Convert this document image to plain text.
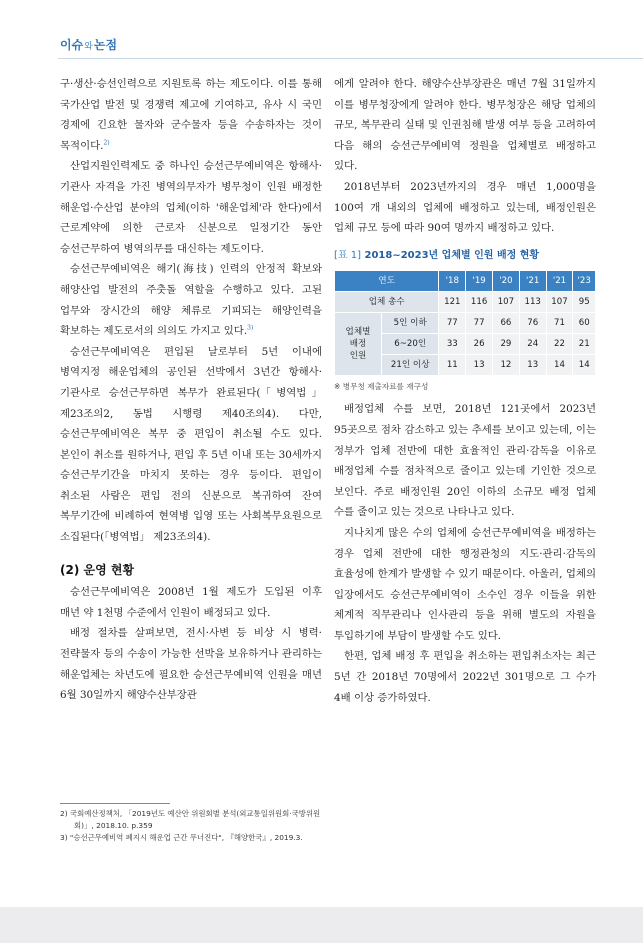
이슈와논점

구·생산·승선인력으로 지원토록 하는 제도이다. 이를 통해 국가산업 발전 및 경쟁력 제고에 기여하고, 유사 시 국민 경제에 긴요한 물자와 군수물자 등을 수송하자는 것이 목적이다.$^{2)}$

산업지원인력제도 중 하나인 승선근무예비역은 항해사·기관사 자격을 가진 병역의무자가 병무청이 인원 배정한 해운업·수산업 분야의 업체(이하 '해운업체'라 한다)에서 근로계약에 의한 근로자 신분으로 일정기간 동안 승선근무하여 병역의무를 대신하는 제도이다.

승선근무예비역은 해기(海技) 인력의 안정적 확보와 해양산업 발전의 주춧돌 역할을 수행하고 있다. 고된 업무와 장시간의 해양 체류로 기피되는 해양인력을 확보하는 제도로서의 의의도 가지고 있다.$^{3)}$

승선근무예비역은 편입된 날로부터 5년 이내에 병역지정 해운업체의 공인된 선박에서 3년간 항해사·기관사로 승선근무하면 복무가 완료된다(「병역법」 제23조의2, 동법 시행령 제40조의4). 다만, 승선근무예비역은 복무 중 편입이 취소될 수도 있다. 본인이 취소를 원하거나, 편입 후 5년 이내 또는 30세까지 승선근무기간을 마치지 못하는 경우 등이다. 편입이 취소된 사람은 편입 전의 신분으로 복귀하여 잔여 복무기간에 비례하여 현역병 입영 또는 사회복무요원으로 소집된다(「병역법」 제23조의4).

(2) 운영 현황

승선근무예비역은 2008년 1월 제도가 도입된 이후 매년 약 1천명 수준에서 인원이 배정되고 있다.

배정 절차를 살펴보면, 전시·사변 등 비상 시 병력·전략물자 등의 수송이 가능한 선박을 보유하거나 관리하는 해운업체는 차년도에 필요한 승선근무예비역 인원을 매년 6월 30일까지 해양수산부장관

에게 알려야 한다. 해양수산부장관은 매년 7월 31일까지 이를 병무청장에게 알려야 한다. 병무청장은 해당 업체의 규모, 복무관리 실태 및 인권침해 발생 여부 등을 고려하여 다음 해의 승선근무예비역 정원을 업체별로 배정하고 있다.

2018년부터 2023년까지의 경우 매년 1,000명을 100여 개 내외의 업체에 배정하고 있는데, 배정인원은 업체 규모 등에 따라 90여 명까지 배정하고 있다.

[표 1] 2018~2023년 업체별 인원 배정 현황
연도		'18	'19	'20	'21	'21	'23
업체 총수		121	116	107	113	107	95
업체별
배정
인원	5인 이하	77	77	66	76	71	60
	6~20인	33	26	29	24	22	21
	21인 이상	11	13	12	13	14	14
※ 병무청 제출자료를 재구성

배정업체 수를 보면, 2018년 121곳에서 2023년 95곳으로 점차 감소하고 있는 추세를 보이고 있는데, 이는 정부가 업체 전반에 대한 효율적인 관리·감독을 이유로 배정업체 수를 점차적으로 줄이고 있는데 기인한 것으로 보인다. 주로 배정인원 20인 이하의 소규모 배정 업체 수를 줄이고 있는 것으로 나타나고 있다.

지나치게 많은 수의 업체에 승선근무예비역을 배정하는 경우 업체 전반에 대한 행정관청의 지도·관리·감독의 효율성에 한계가 발생할 수 있기 때문이다. 아울러, 업체의 입장에서도 승선근무예비역이 소수인 경우 이들을 위한 체계적 직무관리나 인사관리 등을 위해 별도의 자원을 투입하기에 부담이 발생할 수도 있다.

한편, 업체 배정 후 편입을 취소하는 편입취소자는 최근 5년 간 2018년 70명에서 2022년 301명으로 그 수가 4배 이상 증가하였다.

2) 국회예산정책처, 「2019년도 예산안 위원회별 분석(외교통일위원회·국방위원회)」, 2018.10. p.359
3) "승선근무예비역 폐지시 해운업 근간 무너진다", 『해양한국』, 2019.3.
